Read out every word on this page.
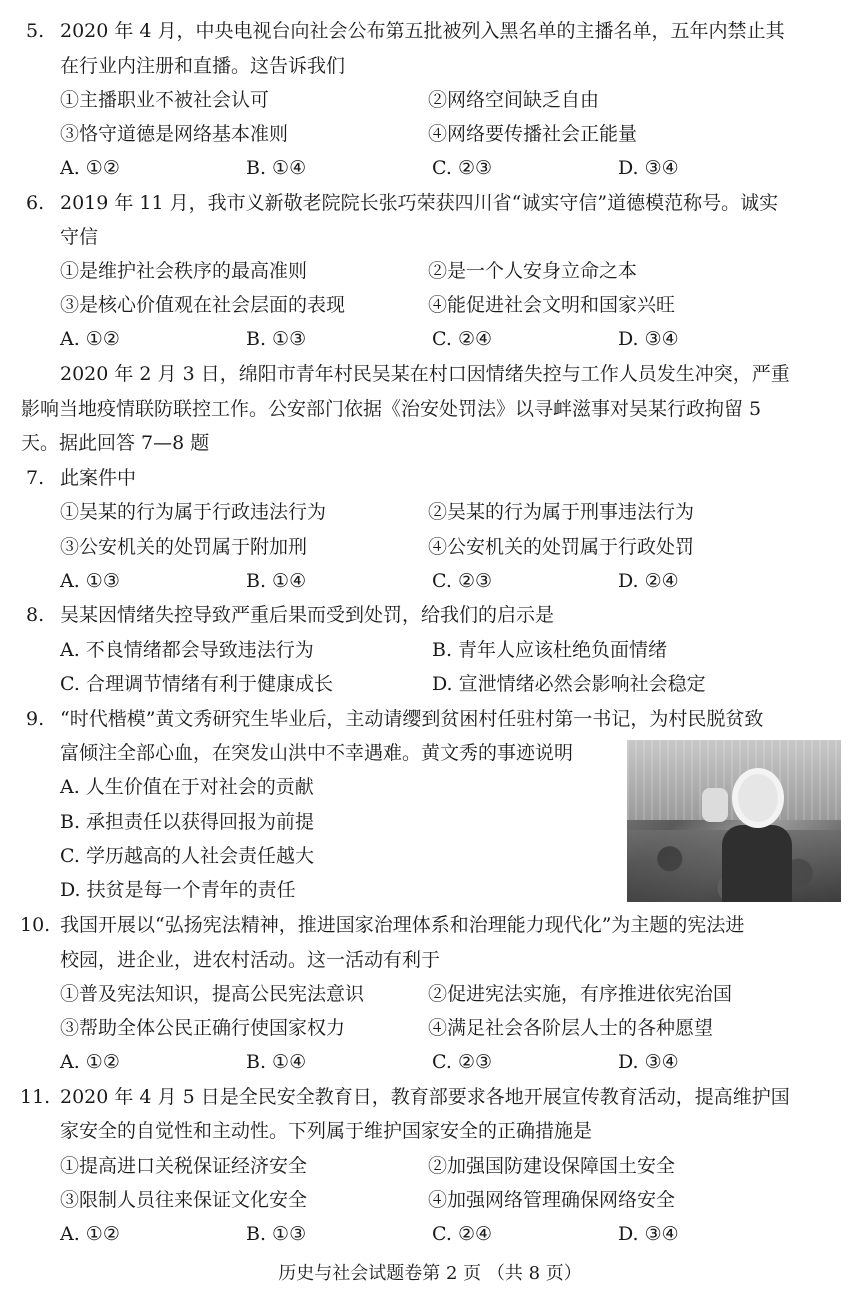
5. 2020 年 4 月，中央电视台向社会公布第五批被列入黑名单的主播名单，五年内禁止其
在行业内注册和直播。这告诉我们
①主播职业不被社会认可	②网络空间缺乏自由
③恪守道德是网络基本准则	④网络要传播社会正能量
A. ①②	B. ①④	C. ②③	D. ③④
6. 2019 年 11 月，我市义新敬老院院长张巧荣获四川省“诚实守信”道德模范称号。诚实
守信
①是维护社会秩序的最高准则	②是一个人安身立命之本
③是核心价值观在社会层面的表现	④能促进社会文明和国家兴旺
A. ①②	B. ①③	C. ②④	D. ③④
2020 年 2 月 3 日，绵阳市青年村民吴某在村口因情绪失控与工作人员发生冲突，严重
影响当地疫情联防联控工作。公安部门依据《治安处罚法》以寻衅滋事对吴某行政拘留 5
天。据此回答 7—8 题
7. 此案件中
①吴某的行为属于行政违法行为	②吴某的行为属于刑事违法行为
③公安机关的处罚属于附加刑	④公安机关的处罚属于行政处罚
A. ①③	B. ①④	C. ②③	D. ②④
8. 吴某因情绪失控导致严重后果而受到处罚，给我们的启示是
A. 不良情绪都会导致违法行为	B. 青年人应该杜绝负面情绪
C. 合理调节情绪有利于健康成长	D. 宣泄情绪必然会影响社会稳定
9. “时代楷模”黄文秀研究生毕业后，主动请缨到贫困村任驻村第一书记，为村民脱贫致
富倾注全部心血，在突发山洪中不幸遇难。黄文秀的事迹说明
A. 人生价值在于对社会的贡献
B. 承担责任以获得回报为前提
C. 学历越高的人社会责任越大
D. 扶贫是每一个青年的责任
10. 我国开展以“弘扬宪法精神，推进国家治理体系和治理能力现代化”为主题的宪法进
校园，进企业，进农村活动。这一活动有利于
①普及宪法知识，提高公民宪法意识	②促进宪法实施，有序推进依宪治国
③帮助全体公民正确行使国家权力	④满足社会各阶层人士的各种愿望
A. ①②	B. ①④	C. ②③	D. ③④
11. 2020 年 4 月 5 日是全民安全教育日，教育部要求各地开展宣传教育活动，提高维护国
家安全的自觉性和主动性。下列属于维护国家安全的正确措施是
①提高进口关税保证经济安全	②加强国防建设保障国土安全
③限制人员往来保证文化安全	④加强网络管理确保网络安全
A. ①②	B. ①③	C. ②④	D. ③④
历史与社会试题卷第 2 页 （共 8 页）
